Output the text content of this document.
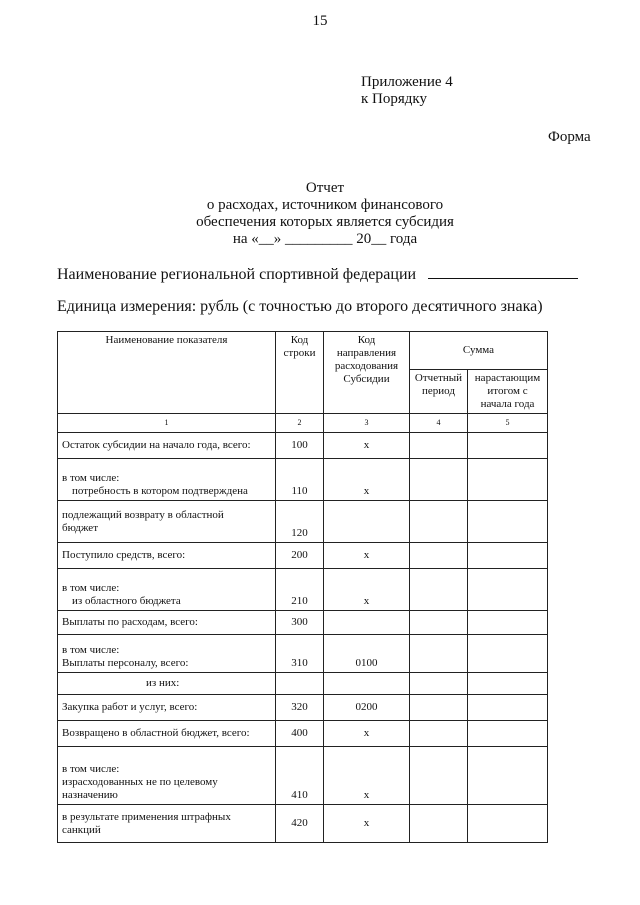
15
Приложение 4
к Порядку
Форма
Отчет
о расходах, источником финансового
обеспечения которых является субсидия
на «__» _________ 20__ года
Наименование региональной спортивной федерации
Единица измерения: рубль (с точностью до второго десятичного знака)
Наименование показателя	Код строки	Код направления расходования Субсидии	Сумма	
			Отчетный период	нарастающим итогом с начала года
1	2	3	4	5

Остаток субсидии на начало года, всего:	100	x		

в том числе:
потребность в котором подтверждена	110	x		

подлежащий возврату в областной
бюджет	120			

Поступило средств, всего:	200	x		

в том числе:
из областного бюджета	210	x		

Выплаты по расходам, всего:	300			

в том числе:
Выплаты персоналу, всего:	310	0100		

из них:				

Закупка работ и услуг, всего:	320	0200		

Возвращено в областной бюджет, всего:	400	x		

в том числе:
израсходованных не по целевому
назначению	410	x		

в результате применения штрафных
санкций	420	x		
